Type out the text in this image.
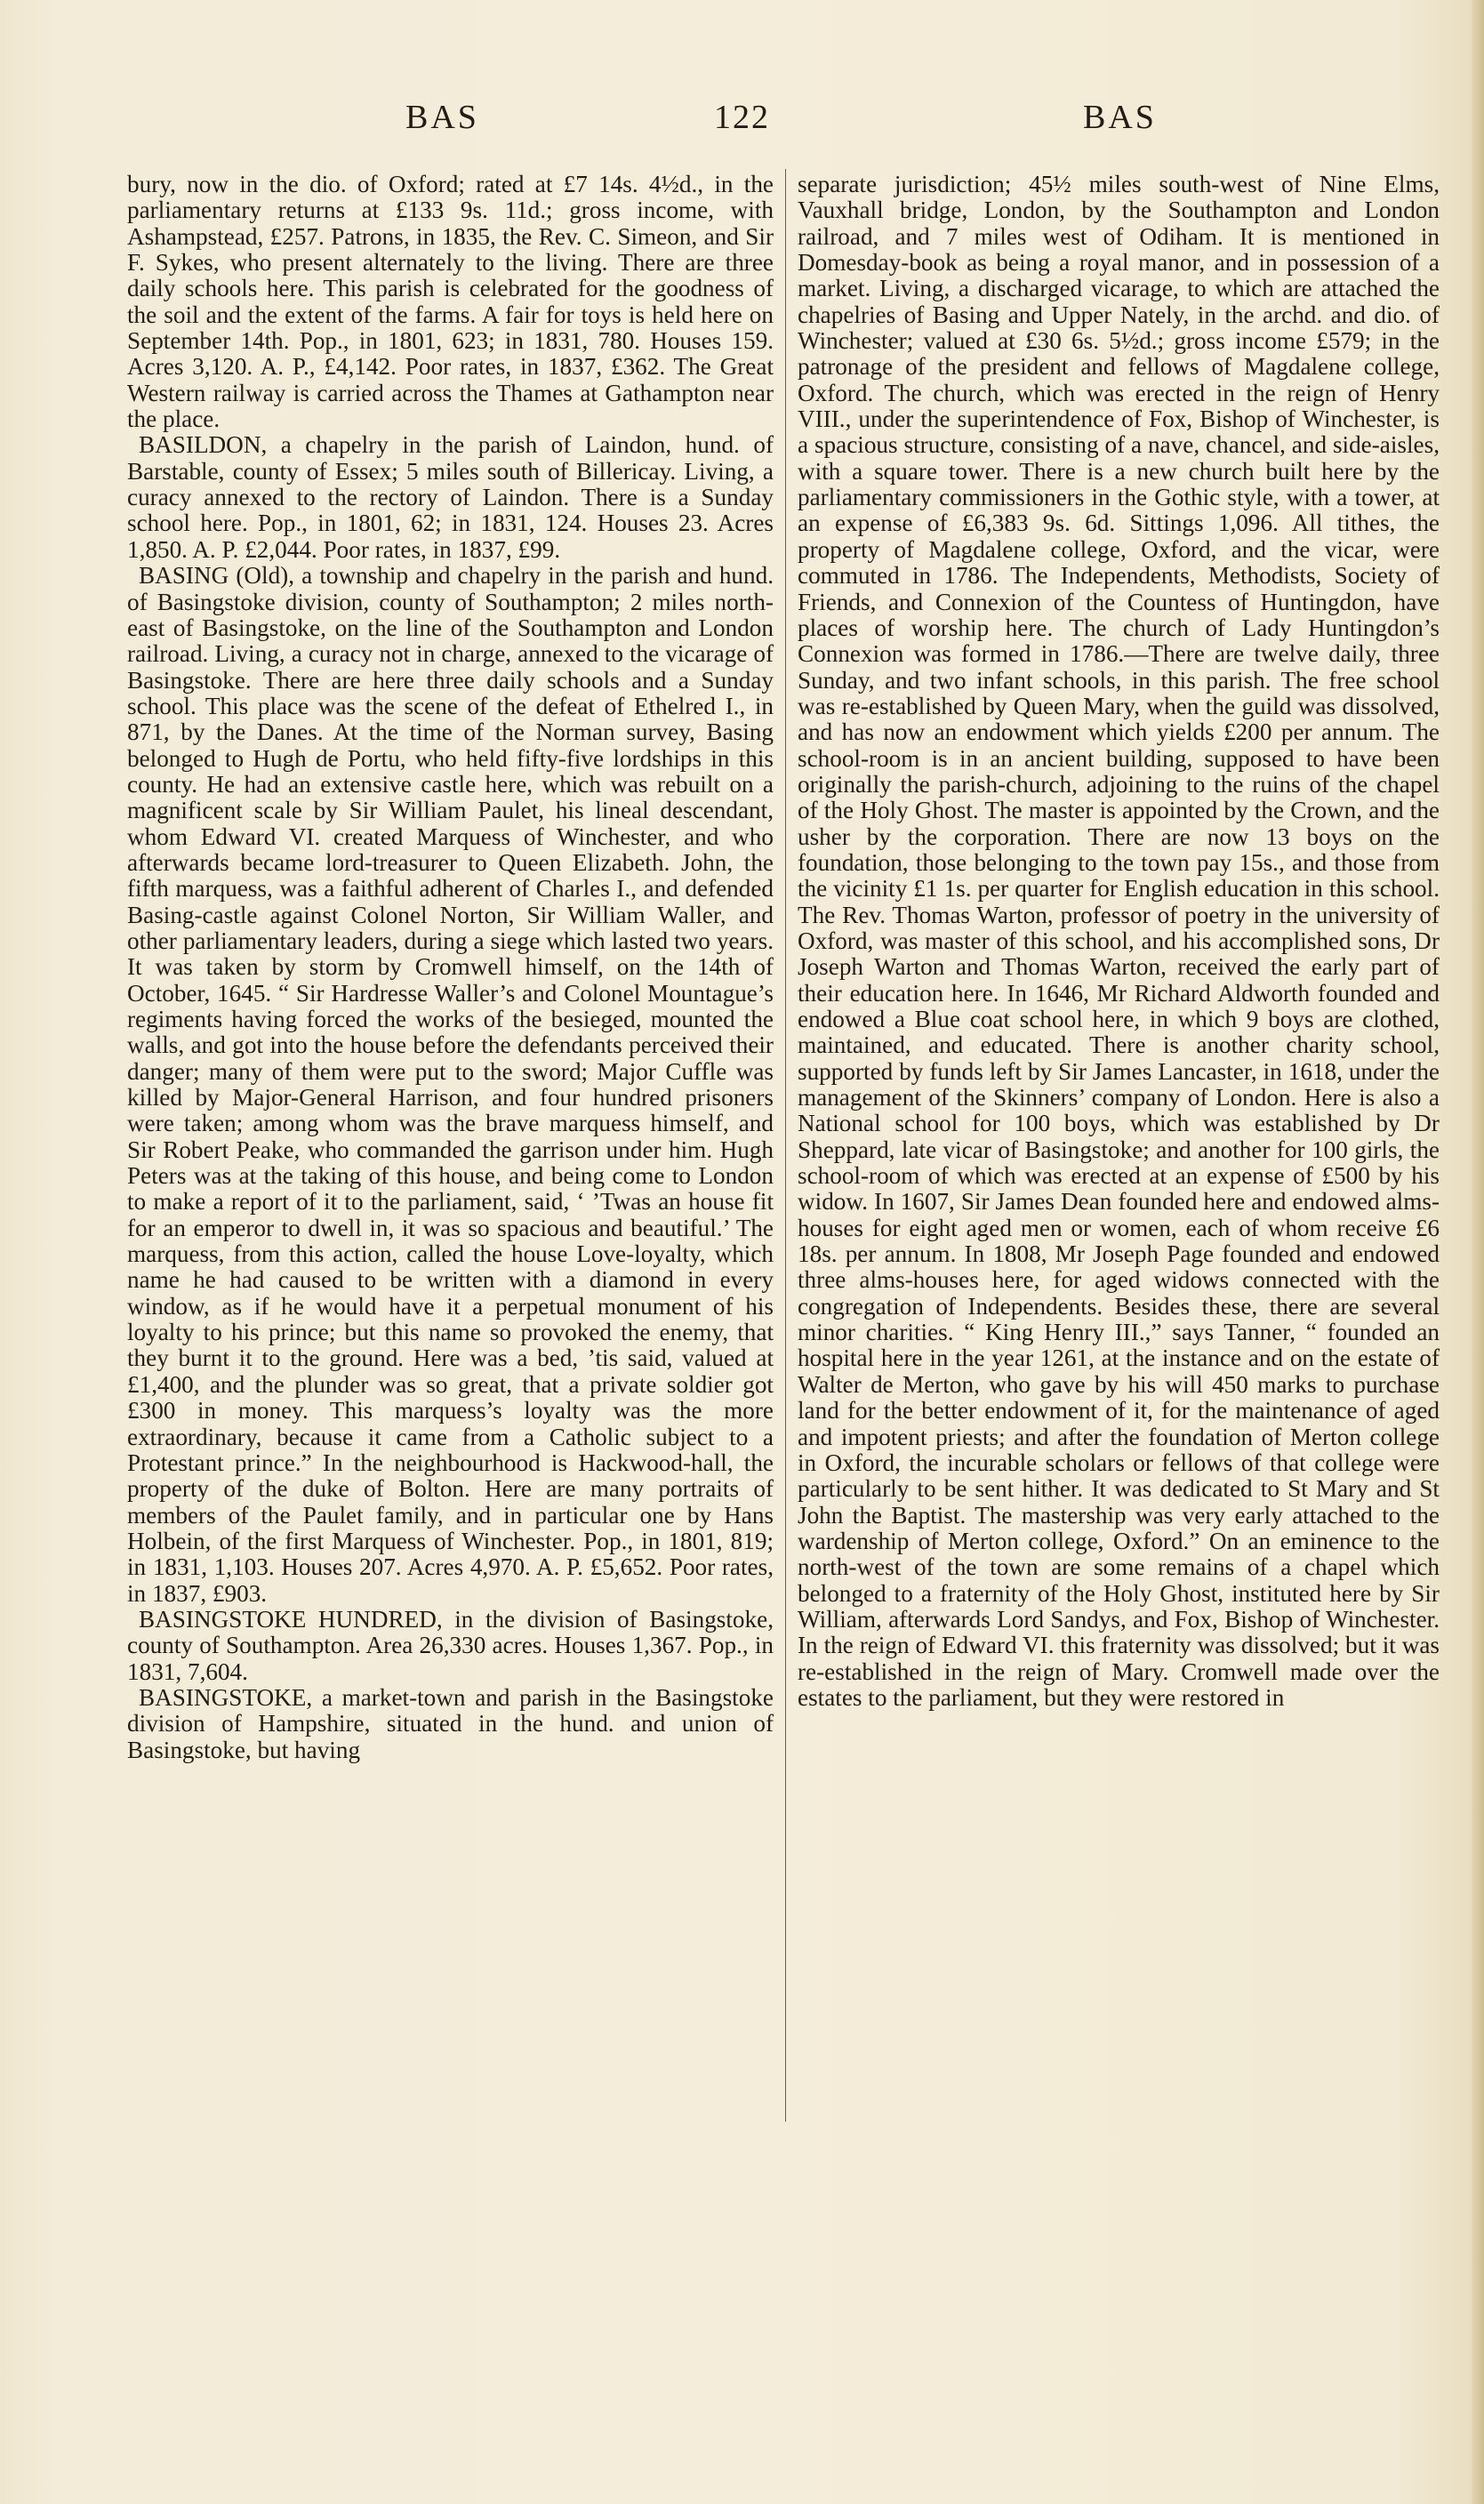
BAS	122	BAS

bury, now in the dio. of Oxford; rated at £7 14s. 4½d., in the parliamentary returns at £133 9s. 11d.; gross income, with Ashampstead, £257. Patrons, in 1835, the Rev. C. Simeon, and Sir F. Sykes, who present alternately to the living. There are three daily schools here. This parish is celebrated for the goodness of the soil and the extent of the farms. A fair for toys is held here on September 14th. Pop., in 1801, 623; in 1831, 780. Houses 159. Acres 3,120. A. P., £4,142. Poor rates, in 1837, £362. The Great Western railway is carried across the Thames at Gathampton near the place.

BASILDON, a chapelry in the parish of Laindon, hund. of Barstable, county of Essex; 5 miles south of Billericay. Living, a curacy annexed to the rectory of Laindon. There is a Sunday school here. Pop., in 1801, 62; in 1831, 124. Houses 23. Acres 1,850. A. P. £2,044. Poor rates, in 1837, £99.

BASING (Old), a township and chapelry in the parish and hund. of Basingstoke division, county of Southampton; 2 miles north-east of Basingstoke, on the line of the Southampton and London railroad. Living, a curacy not in charge, annexed to the vicarage of Basingstoke. There are here three daily schools and a Sunday school. This place was the scene of the defeat of Ethelred I., in 871, by the Danes. At the time of the Norman survey, Basing belonged to Hugh de Portu, who held fifty-five lordships in this county. He had an extensive castle here, which was rebuilt on a magnificent scale by Sir William Paulet, his lineal descendant, whom Edward VI. created Marquess of Winchester, and who afterwards became lord-treasurer to Queen Elizabeth. John, the fifth marquess, was a faithful adherent of Charles I., and defended Basing-castle against Colonel Norton, Sir William Waller, and other parliamentary leaders, during a siege which lasted two years. It was taken by storm by Cromwell himself, on the 14th of October, 1645. “ Sir Hardresse Waller’s and Colonel Mountague’s regiments having forced the works of the besieged, mounted the walls, and got into the house before the defendants perceived their danger; many of them were put to the sword; Major Cuffle was killed by Major-General Harrison, and four hundred prisoners were taken; among whom was the brave marquess himself, and Sir Robert Peake, who commanded the garrison under him. Hugh Peters was at the taking of this house, and being come to London to make a report of it to the parliament, said, ‘ ’Twas an house fit for an emperor to dwell in, it was so spacious and beautiful.’ The marquess, from this action, called the house Love-loyalty, which name he had caused to be written with a diamond in every window, as if he would have it a perpetual monument of his loyalty to his prince; but this name so provoked the enemy, that they burnt it to the ground. Here was a bed, ’tis said, valued at £1,400, and the plunder was so great, that a private soldier got £300 in money. This marquess’s loyalty was the more extraordinary, because it came from a Catholic subject to a Protestant prince.” In the neighbourhood is Hackwood-hall, the property of the duke of Bolton. Here are many portraits of members of the Paulet family, and in particular one by Hans Holbein, of the first Marquess of Winchester. Pop., in 1801, 819; in 1831, 1,103. Houses 207. Acres 4,970. A. P. £5,652. Poor rates, in 1837, £903.

BASINGSTOKE HUNDRED, in the division of Basingstoke, county of Southampton. Area 26,330 acres. Houses 1,367. Pop., in 1831, 7,604.

BASINGSTOKE, a market-town and parish in the Basingstoke division of Hampshire, situated in the hund. and union of Basingstoke, but having

separate jurisdiction; 45½ miles south-west of Nine Elms, Vauxhall bridge, London, by the Southampton and London railroad, and 7 miles west of Odiham. It is mentioned in Domesday-book as being a royal manor, and in possession of a market. Living, a discharged vicarage, to which are attached the chapelries of Basing and Upper Nately, in the archd. and dio. of Winchester; valued at £30 6s. 5½d.; gross income £579; in the patronage of the president and fellows of Magdalene college, Oxford. The church, which was erected in the reign of Henry VIII., under the superintendence of Fox, Bishop of Winchester, is a spacious structure, consisting of a nave, chancel, and side-aisles, with a square tower. There is a new church built here by the parliamentary commissioners in the Gothic style, with a tower, at an expense of £6,383 9s. 6d. Sittings 1,096. All tithes, the property of Magdalene college, Oxford, and the vicar, were commuted in 1786. The Independents, Methodists, Society of Friends, and Connexion of the Countess of Huntingdon, have places of worship here. The church of Lady Huntingdon’s Connexion was formed in 1786.—There are twelve daily, three Sunday, and two infant schools, in this parish. The free school was re-established by Queen Mary, when the guild was dissolved, and has now an endowment which yields £200 per annum. The school-room is in an ancient building, supposed to have been originally the parish-church, adjoining to the ruins of the chapel of the Holy Ghost. The master is appointed by the Crown, and the usher by the corporation. There are now 13 boys on the foundation, those belonging to the town pay 15s., and those from the vicinity £1 1s. per quarter for English education in this school. The Rev. Thomas Warton, professor of poetry in the university of Oxford, was master of this school, and his accomplished sons, Dr Joseph Warton and Thomas Warton, received the early part of their education here. In 1646, Mr Richard Aldworth founded and endowed a Blue coat school here, in which 9 boys are clothed, maintained, and educated. There is another charity school, supported by funds left by Sir James Lancaster, in 1618, under the management of the Skinners’ company of London. Here is also a National school for 100 boys, which was established by Dr Sheppard, late vicar of Basingstoke; and another for 100 girls, the school-room of which was erected at an expense of £500 by his widow. In 1607, Sir James Dean founded here and endowed alms-houses for eight aged men or women, each of whom receive £6 18s. per annum. In 1808, Mr Joseph Page founded and endowed three alms-houses here, for aged widows connected with the congregation of Independents. Besides these, there are several minor charities. “ King Henry III.,” says Tanner, “ founded an hospital here in the year 1261, at the instance and on the estate of Walter de Merton, who gave by his will 450 marks to purchase land for the better endowment of it, for the maintenance of aged and impotent priests; and after the foundation of Merton college in Oxford, the incurable scholars or fellows of that college were particularly to be sent hither. It was dedicated to St Mary and St John the Baptist. The mastership was very early attached to the wardenship of Merton college, Oxford.” On an eminence to the north-west of the town are some remains of a chapel which belonged to a fraternity of the Holy Ghost, instituted here by Sir William, afterwards Lord Sandys, and Fox, Bishop of Winchester. In the reign of Edward VI. this fraternity was dissolved; but it was re-established in the reign of Mary. Cromwell made over the estates to the parliament, but they were restored in
